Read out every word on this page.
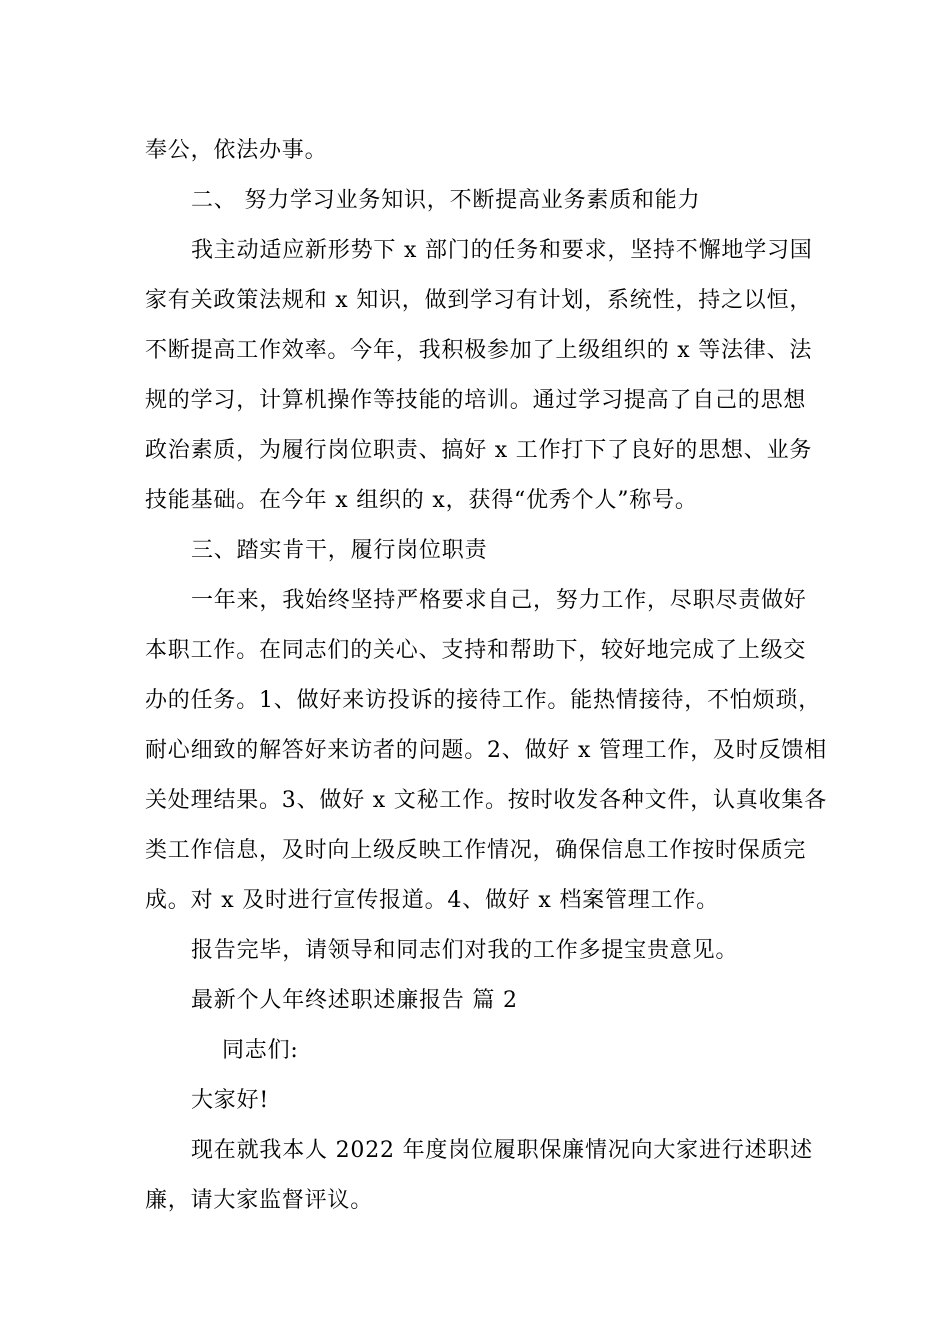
奉公，依法办事。
二、 努力学习业务知识，不断提高业务素质和能力
我主动适应新形势下 x 部门的任务和要求，坚持不懈地学习国
家有关政策法规和 x 知识，做到学习有计划，系统性，持之以恒，
不断提高工作效率。今年，我积极参加了上级组织的 x 等法律、法
规的学习，计算机操作等技能的培训。通过学习提高了自己的思想
政治素质，为履行岗位职责、搞好 x 工作打下了良好的思想、业务
技能基础。在今年 x 组织的 x，获得“优秀个人”称号。
三、踏实肯干，履行岗位职责
一年来，我始终坚持严格要求自己，努力工作，尽职尽责做好
本职工作。在同志们的关心、支持和帮助下，较好地完成了上级交
办的任务。1、做好来访投诉的接待工作。能热情接待，不怕烦琐，
耐心细致的解答好来访者的问题。2、做好 x 管理工作，及时反馈相
关处理结果。3、做好 x 文秘工作。按时收发各种文件，认真收集各
类工作信息，及时向上级反映工作情况，确保信息工作按时保质完
成。对 x 及时进行宣传报道。4、做好 x 档案管理工作。
报告完毕，请领导和同志们对我的工作多提宝贵意见。
最新个人年终述职述廉报告 篇 2
同志们:
大家好!
现在就我本人 2022 年度岗位履职保廉情况向大家进行述职述
廉，请大家监督评议。
